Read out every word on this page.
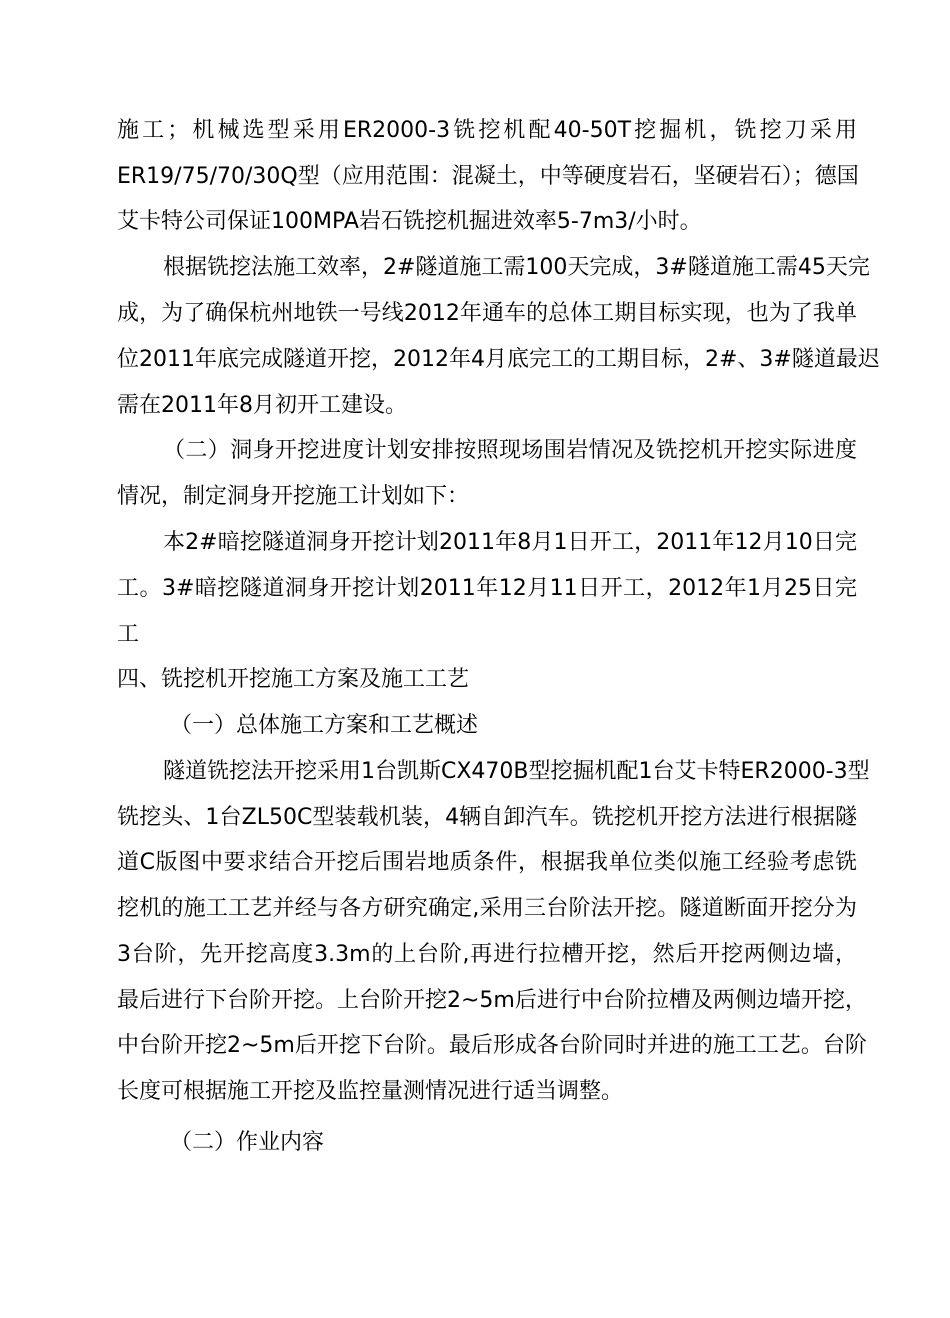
施工；机械选型采用ER2000-3铣挖机配40-50T挖掘机，铣挖刀采用
ER19/75/70/30Q型（应用范围：混凝土，中等硬度岩石，坚硬岩石）；德国
艾卡特公司保证100MPA岩石铣挖机掘进效率5-7m3/小时。
根据铣挖法施工效率，2#隧道施工需100天完成，3#隧道施工需45天完
成，为了确保杭州地铁一号线2012年通车的总体工期目标实现，也为了我单
位2011年底完成隧道开挖，2012年4月底完工的工期目标，2#、3#隧道最迟
需在2011年8月初开工建设。
（二）洞身开挖进度计划安排按照现场围岩情况及铣挖机开挖实际进度
情况，制定洞身开挖施工计划如下：
本2#暗挖隧道洞身开挖计划2011年8月1日开工，2011年12月10日完
工。3#暗挖隧道洞身开挖计划2011年12月11日开工，2012年1月25日完
工
四、铣挖机开挖施工方案及施工工艺
（一）总体施工方案和工艺概述
隧道铣挖法开挖采用1台凯斯CX470B型挖掘机配1台艾卡特ER2000-3型
铣挖头、1台ZL50C型装载机装，4辆自卸汽车。铣挖机开挖方法进行根据隧
道C版图中要求结合开挖后围岩地质条件，根据我单位类似施工经验考虑铣
挖机的施工工艺并经与各方研究确定,采用三台阶法开挖。隧道断面开挖分为
3台阶，先开挖高度3.3m的上台阶,再进行拉槽开挖，然后开挖两侧边墙，
最后进行下台阶开挖。上台阶开挖2~5m后进行中台阶拉槽及两侧边墙开挖，
中台阶开挖2~5m后开挖下台阶。最后形成各台阶同时并进的施工工艺。台阶
长度可根据施工开挖及监控量测情况进行适当调整。
（二）作业内容
